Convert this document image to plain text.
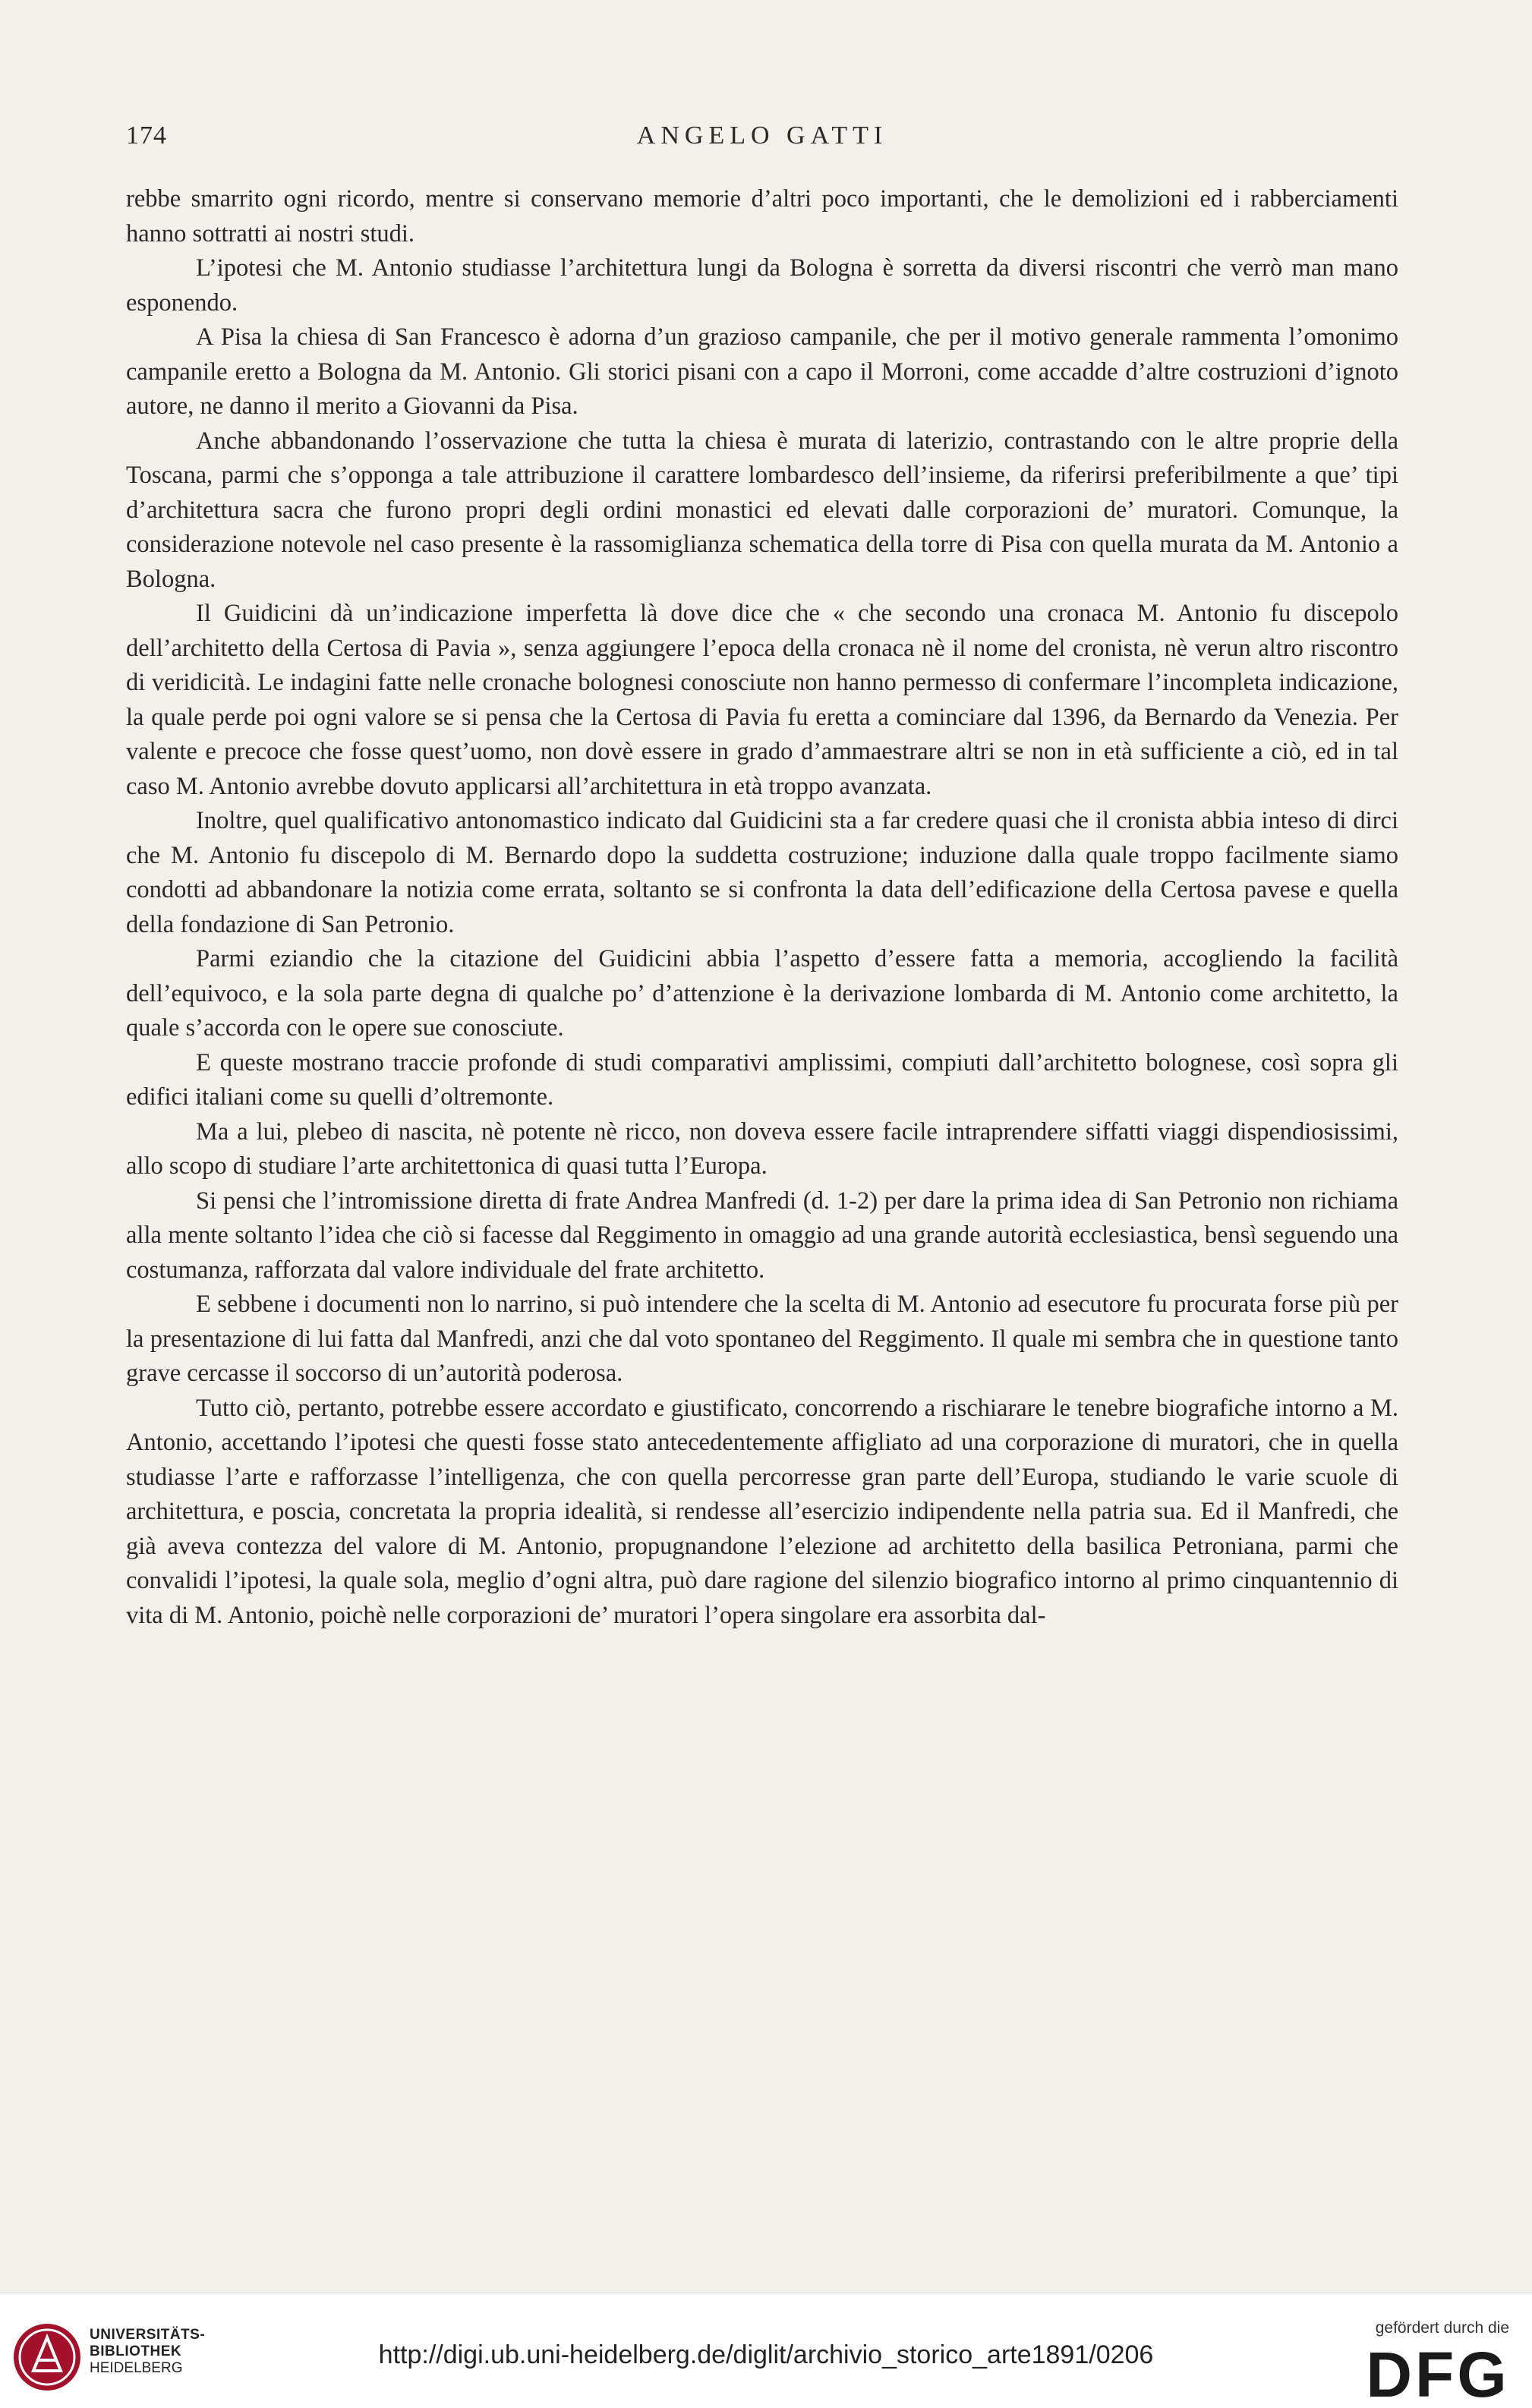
174	ANGELO GATTI

rebbe smarrito ogni ricordo, mentre si conservano memorie d’altri poco importanti, che le demolizioni ed i rabberciamenti hanno sottratti ai nostri studi.

L’ipotesi che M. Antonio studiasse l’architettura lungi da Bologna è sorretta da diversi riscontri che verrò man mano esponendo.

A Pisa la chiesa di San Francesco è adorna d’un grazioso campanile, che per il motivo generale rammenta l’omonimo campanile eretto a Bologna da M. Antonio. Gli storici pisani con a capo il Morroni, come accadde d’altre costruzioni d’ignoto autore, ne danno il merito a Giovanni da Pisa.

Anche abbandonando l’osservazione che tutta la chiesa è murata di laterizio, contrastando con le altre proprie della Toscana, parmi che s’opponga a tale attribuzione il carattere lombardesco dell’insieme, da riferirsi preferibilmente a que’ tipi d’architettura sacra che furono propri degli ordini monastici ed elevati dalle corporazioni de’ muratori. Comunque, la considerazione notevole nel caso presente è la rassomiglianza schematica della torre di Pisa con quella murata da M. Antonio a Bologna.

Il Guidicini dà un’indicazione imperfetta là dove dice che « che secondo una cronaca M. Antonio fu discepolo dell’architetto della Certosa di Pavia », senza aggiungere l’epoca della cronaca nè il nome del cronista, nè verun altro riscontro di veridicità. Le indagini fatte nelle cronache bolognesi conosciute non hanno permesso di confermare l’incompleta indicazione, la quale perde poi ogni valore se si pensa che la Certosa di Pavia fu eretta a cominciare dal 1396, da Bernardo da Venezia. Per valente e precoce che fosse quest’uomo, non dovè essere in grado d’ammaestrare altri se non in età sufficiente a ciò, ed in tal caso M. Antonio avrebbe dovuto applicarsi all’architettura in età troppo avanzata.

Inoltre, quel qualificativo antonomastico indicato dal Guidicini sta a far credere quasi che il cronista abbia inteso di dirci che M. Antonio fu discepolo di M. Bernardo dopo la suddetta costruzione; induzione dalla quale troppo facilmente siamo condotti ad abbandonare la notizia come errata, soltanto se si confronta la data dell’edificazione della Certosa pavese e quella della fondazione di San Petronio.

Parmi eziandio che la citazione del Guidicini abbia l’aspetto d’essere fatta a memoria, accogliendo la facilità dell’equivoco, e la sola parte degna di qualche po’ d’attenzione è la derivazione lombarda di M. Antonio come architetto, la quale s’accorda con le opere sue conosciute.

E queste mostrano traccie profonde di studi comparativi amplissimi, compiuti dall’architetto bolognese, così sopra gli edifici italiani come su quelli d’oltremonte.

Ma a lui, plebeo di nascita, nè potente nè ricco, non doveva essere facile intraprendere siffatti viaggi dispendiosissimi, allo scopo di studiare l’arte architettonica di quasi tutta l’Europa.

Si pensi che l’intromissione diretta di frate Andrea Manfredi (d. 1-2) per dare la prima idea di San Petronio non richiama alla mente soltanto l’idea che ciò si facesse dal Reggimento in omaggio ad una grande autorità ecclesiastica, bensì seguendo una costumanza, rafforzata dal valore individuale del frate architetto.

E sebbene i documenti non lo narrino, si può intendere che la scelta di M. Antonio ad esecutore fu procurata forse più per la presentazione di lui fatta dal Manfredi, anzi che dal voto spontaneo del Reggimento. Il quale mi sembra che in questione tanto grave cercasse il soccorso di un’autorità poderosa.

Tutto ciò, pertanto, potrebbe essere accordato e giustificato, concorrendo a rischiarare le tenebre biografiche intorno a M. Antonio, accettando l’ipotesi che questi fosse stato antecedentemente affigliato ad una corporazione di muratori, che in quella studiasse l’arte e rafforzasse l’intelligenza, che con quella percorresse gran parte dell’Europa, studiando le varie scuole di architettura, e poscia, concretata la propria idealità, si rendesse all’esercizio indipendente nella patria sua. Ed il Manfredi, che già aveva contezza del valore di M. Antonio, propugnandone l’elezione ad architetto della basilica Petroniana, parmi che convalidi l’ipotesi, la quale sola, meglio d’ogni altra, può dare ragione del silenzio biografico intorno al primo cinquantennio di vita di M. Antonio, poichè nelle corporazioni de’ muratori l’opera singolare era assorbita dal-

UNIVERSITÄTS-
BIBLIOTHEK
HEIDELBERG	http://digi.ub.uni-heidelberg.de/diglit/archivio_storico_arte1891/0206
gefördert durch die
DFG
